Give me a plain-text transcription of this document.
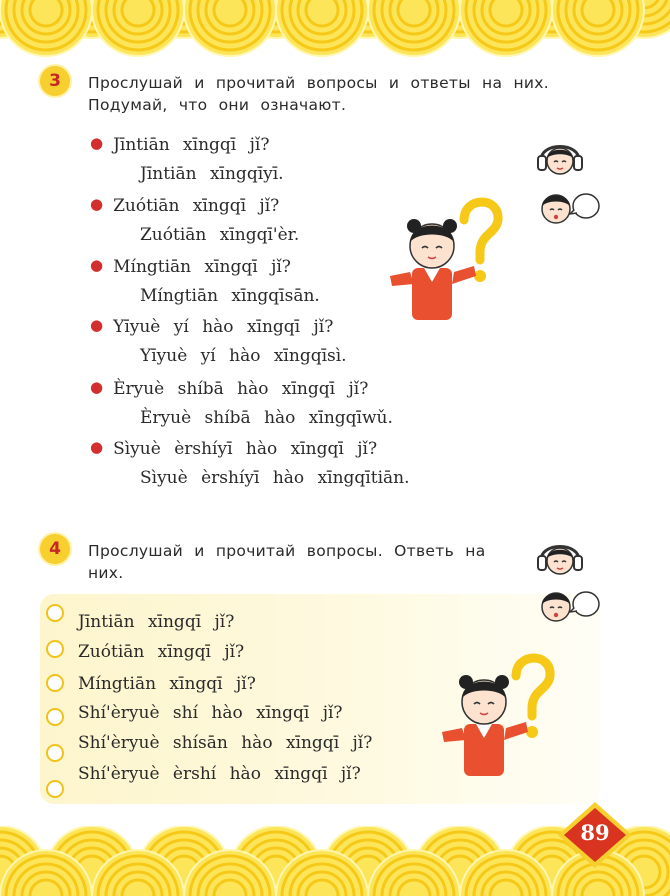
3	Прослушай и прочитай вопросы и ответы на них.
Подумай, что они означают.
● Jīntiān xīngqī jǐ?
Jīntiān xīngqīyī.
● Zuótiān xīngqī jǐ?
Zuótiān xīngqī'èr.
● Míngtiān xīngqī jǐ?
Míngtiān xīngqīsān.
● Yīyuè yí hào xīngqī jǐ?
Yīyuè yí hào xīngqīsì.
● Èryuè shíbā hào xīngqī jǐ?
Èryuè shíbā hào xīngqīwǔ.
● Sìyuè èrshíyī hào xīngqī jǐ?
Sìyuè èrshíyī hào xīngqītiān.
4	Прослушай и прочитай вопросы. Ответь на
них.
Jīntiān xīngqī jǐ?
Zuótiān xīngqī jǐ?
Míngtiān xīngqī jǐ?
Shí'èryuè shí hào xīngqī jǐ?
Shí'èryuè shísān hào xīngqī jǐ?
Shí'èryuè èrshí hào xīngqī jǐ?
89
